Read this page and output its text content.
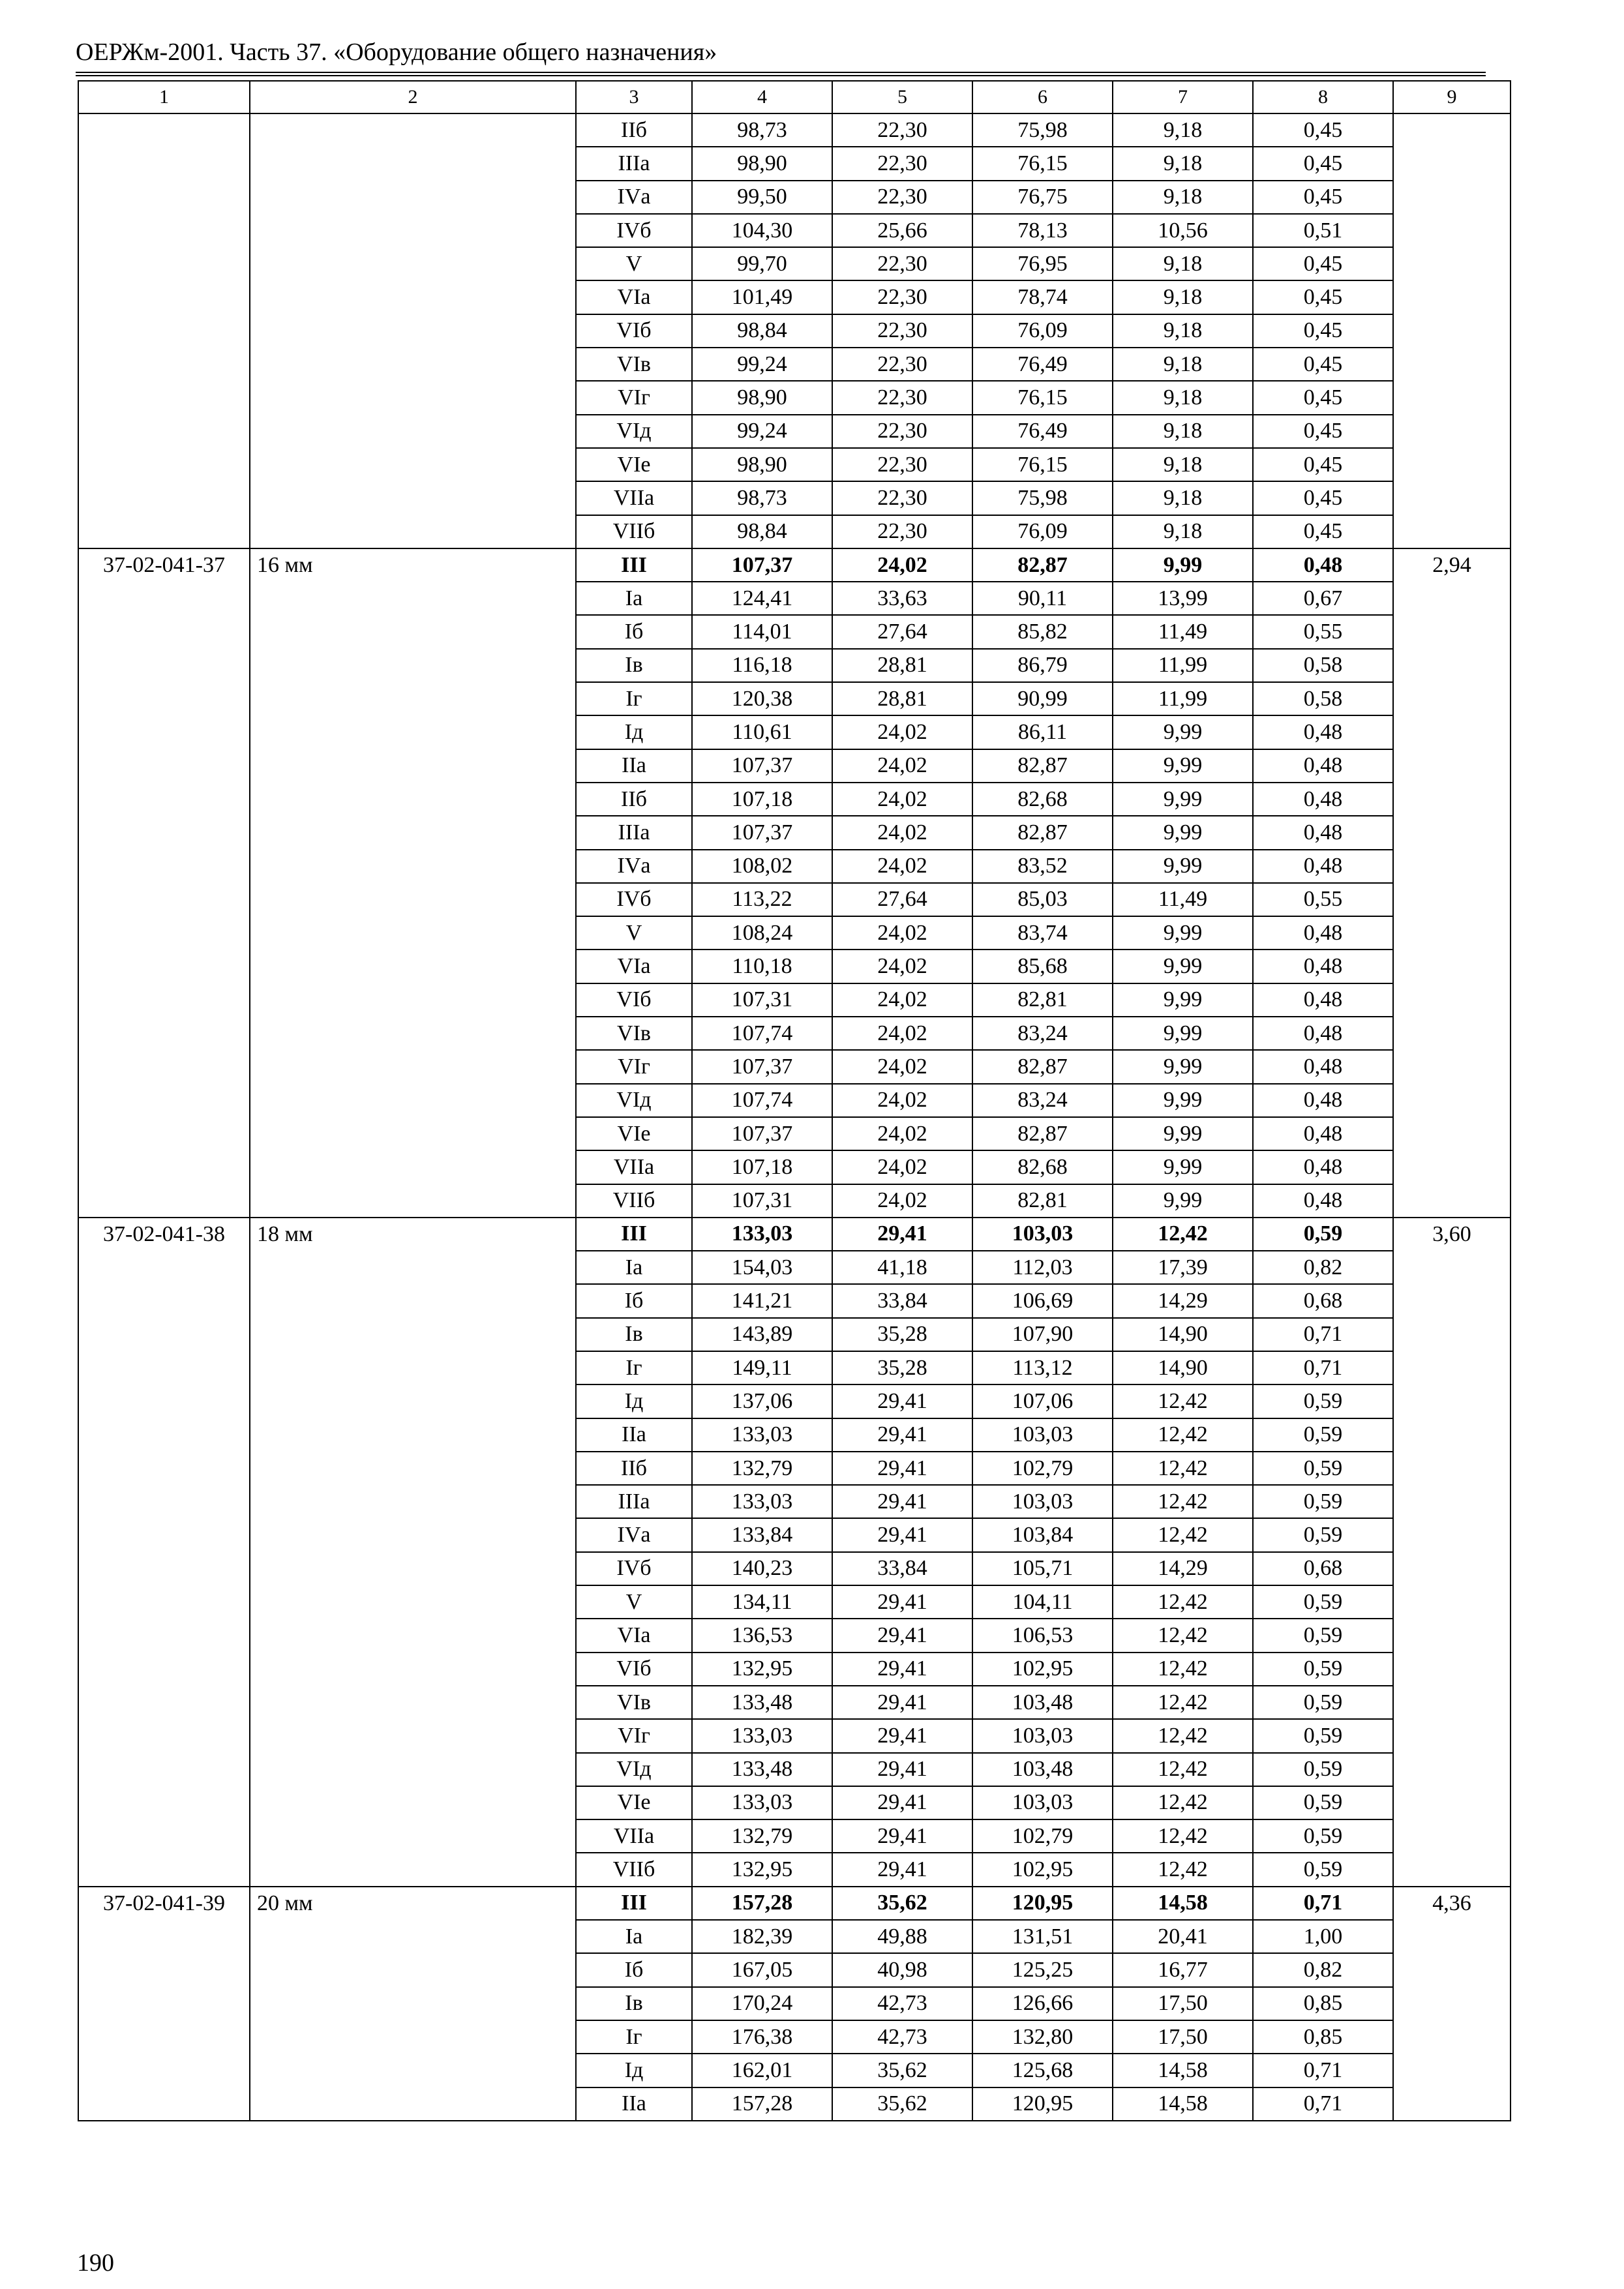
ОЕРЖм-2001. Часть 37. «Оборудование общего назначения»
1	2	3	4	5	6	7	8	9
		IIб	98,73	22,30	75,98	9,18	0,45	
		IIIа	98,90	22,30	76,15	9,18	0,45	
		IVа	99,50	22,30	76,75	9,18	0,45	
		IVб	104,30	25,66	78,13	10,56	0,51	
		V	99,70	22,30	76,95	9,18	0,45	
		VIа	101,49	22,30	78,74	9,18	0,45	
		VIб	98,84	22,30	76,09	9,18	0,45	
		VIв	99,24	22,30	76,49	9,18	0,45	
		VIг	98,90	22,30	76,15	9,18	0,45	
		VIд	99,24	22,30	76,49	9,18	0,45	
		VIе	98,90	22,30	76,15	9,18	0,45	
		VIIа	98,73	22,30	75,98	9,18	0,45	
		VIIб	98,84	22,30	76,09	9,18	0,45	
37-02-041-37	16 мм	III	107,37	24,02	82,87	9,99	0,48	2,94
		Iа	124,41	33,63	90,11	13,99	0,67	
		Iб	114,01	27,64	85,82	11,49	0,55	
		Iв	116,18	28,81	86,79	11,99	0,58	
		Iг	120,38	28,81	90,99	11,99	0,58	
		Iд	110,61	24,02	86,11	9,99	0,48	
		IIа	107,37	24,02	82,87	9,99	0,48	
		IIб	107,18	24,02	82,68	9,99	0,48	
		IIIа	107,37	24,02	82,87	9,99	0,48	
		IVа	108,02	24,02	83,52	9,99	0,48	
		IVб	113,22	27,64	85,03	11,49	0,55	
		V	108,24	24,02	83,74	9,99	0,48	
		VIа	110,18	24,02	85,68	9,99	0,48	
		VIб	107,31	24,02	82,81	9,99	0,48	
		VIв	107,74	24,02	83,24	9,99	0,48	
		VIг	107,37	24,02	82,87	9,99	0,48	
		VIд	107,74	24,02	83,24	9,99	0,48	
		VIе	107,37	24,02	82,87	9,99	0,48	
		VIIа	107,18	24,02	82,68	9,99	0,48	
		VIIб	107,31	24,02	82,81	9,99	0,48	
37-02-041-38	18 мм	III	133,03	29,41	103,03	12,42	0,59	3,60
		Iа	154,03	41,18	112,03	17,39	0,82	
		Iб	141,21	33,84	106,69	14,29	0,68	
		Iв	143,89	35,28	107,90	14,90	0,71	
		Iг	149,11	35,28	113,12	14,90	0,71	
		Iд	137,06	29,41	107,06	12,42	0,59	
		IIа	133,03	29,41	103,03	12,42	0,59	
		IIб	132,79	29,41	102,79	12,42	0,59	
		IIIа	133,03	29,41	103,03	12,42	0,59	
		IVа	133,84	29,41	103,84	12,42	0,59	
		IVб	140,23	33,84	105,71	14,29	0,68	
		V	134,11	29,41	104,11	12,42	0,59	
		VIа	136,53	29,41	106,53	12,42	0,59	
		VIб	132,95	29,41	102,95	12,42	0,59	
		VIв	133,48	29,41	103,48	12,42	0,59	
		VIг	133,03	29,41	103,03	12,42	0,59	
		VIд	133,48	29,41	103,48	12,42	0,59	
		VIе	133,03	29,41	103,03	12,42	0,59	
		VIIа	132,79	29,41	102,79	12,42	0,59	
		VIIб	132,95	29,41	102,95	12,42	0,59	
37-02-041-39	20 мм	III	157,28	35,62	120,95	14,58	0,71	4,36
		Iа	182,39	49,88	131,51	20,41	1,00	
		Iб	167,05	40,98	125,25	16,77	0,82	
		Iв	170,24	42,73	126,66	17,50	0,85	
		Iг	176,38	42,73	132,80	17,50	0,85	
		Iд	162,01	35,62	125,68	14,58	0,71	
		IIа	157,28	35,62	120,95	14,58	0,71	
190
